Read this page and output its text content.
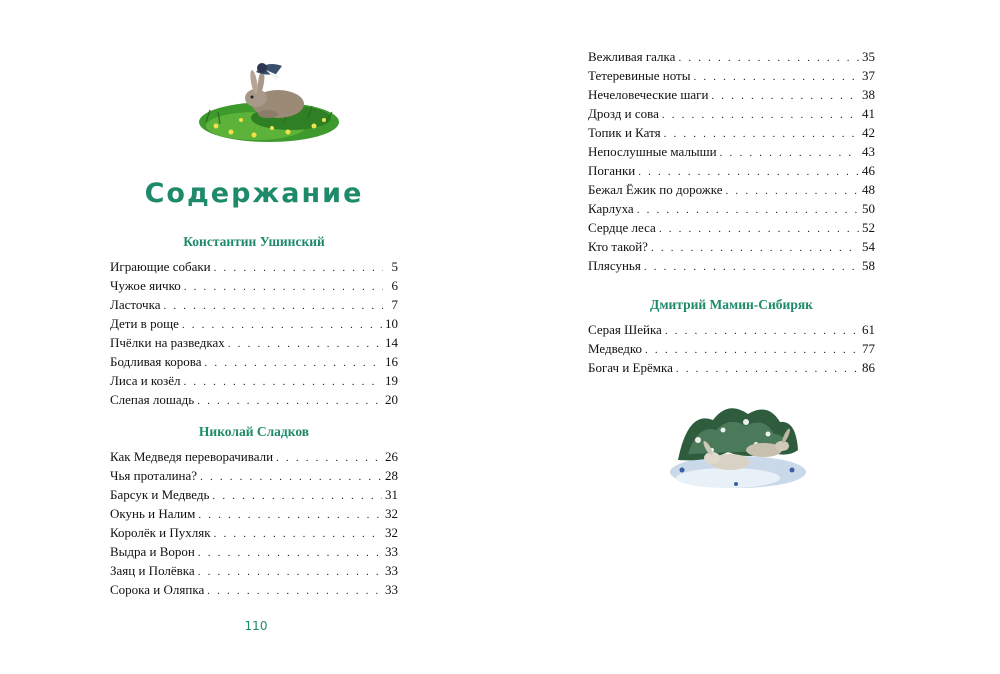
Содержание

Константин Ушинский

Играющие собаки . . .	5
Чужое яичко . . .	6
Ласточка . . .	7
Дети в роще . . .	10
Пчёлки на разведках . . .	14
Бодливая корова . . .	16
Лиса и козёл . . .	19
Слепая лошадь . . .	20

Николай Сладков

Как Медведя переворачивали . . .	26
Чья проталина? . . .	28
Барсук и Медведь . . .	31
Окунь и Налим . . .	32
Королёк и Пухляк . . .	32
Выдра и Ворон . . .	33
Заяц и Полёвка . . .	33
Сорока и Оляпка . . .	33
110
Вежливая галка . . .	35
Тетеревиные ноты . . .	37
Нечеловеческие шаги . . .	38
Дрозд и сова . . .	41
Топик и Катя . . .	42
Непослушные малыши . . .	43
Поганки . . .	46
Бежал Ёжик по дорожке . . .	48
Карлуха . . .	50
Сердце леса . . .	52
Кто такой? . . .	54
Плясунья . . .	58

Дмитрий Мамин-Сибиряк

Серая Шейка . . .	61
Медведко . . .	77
Богач и Ерёмка . . .	86
